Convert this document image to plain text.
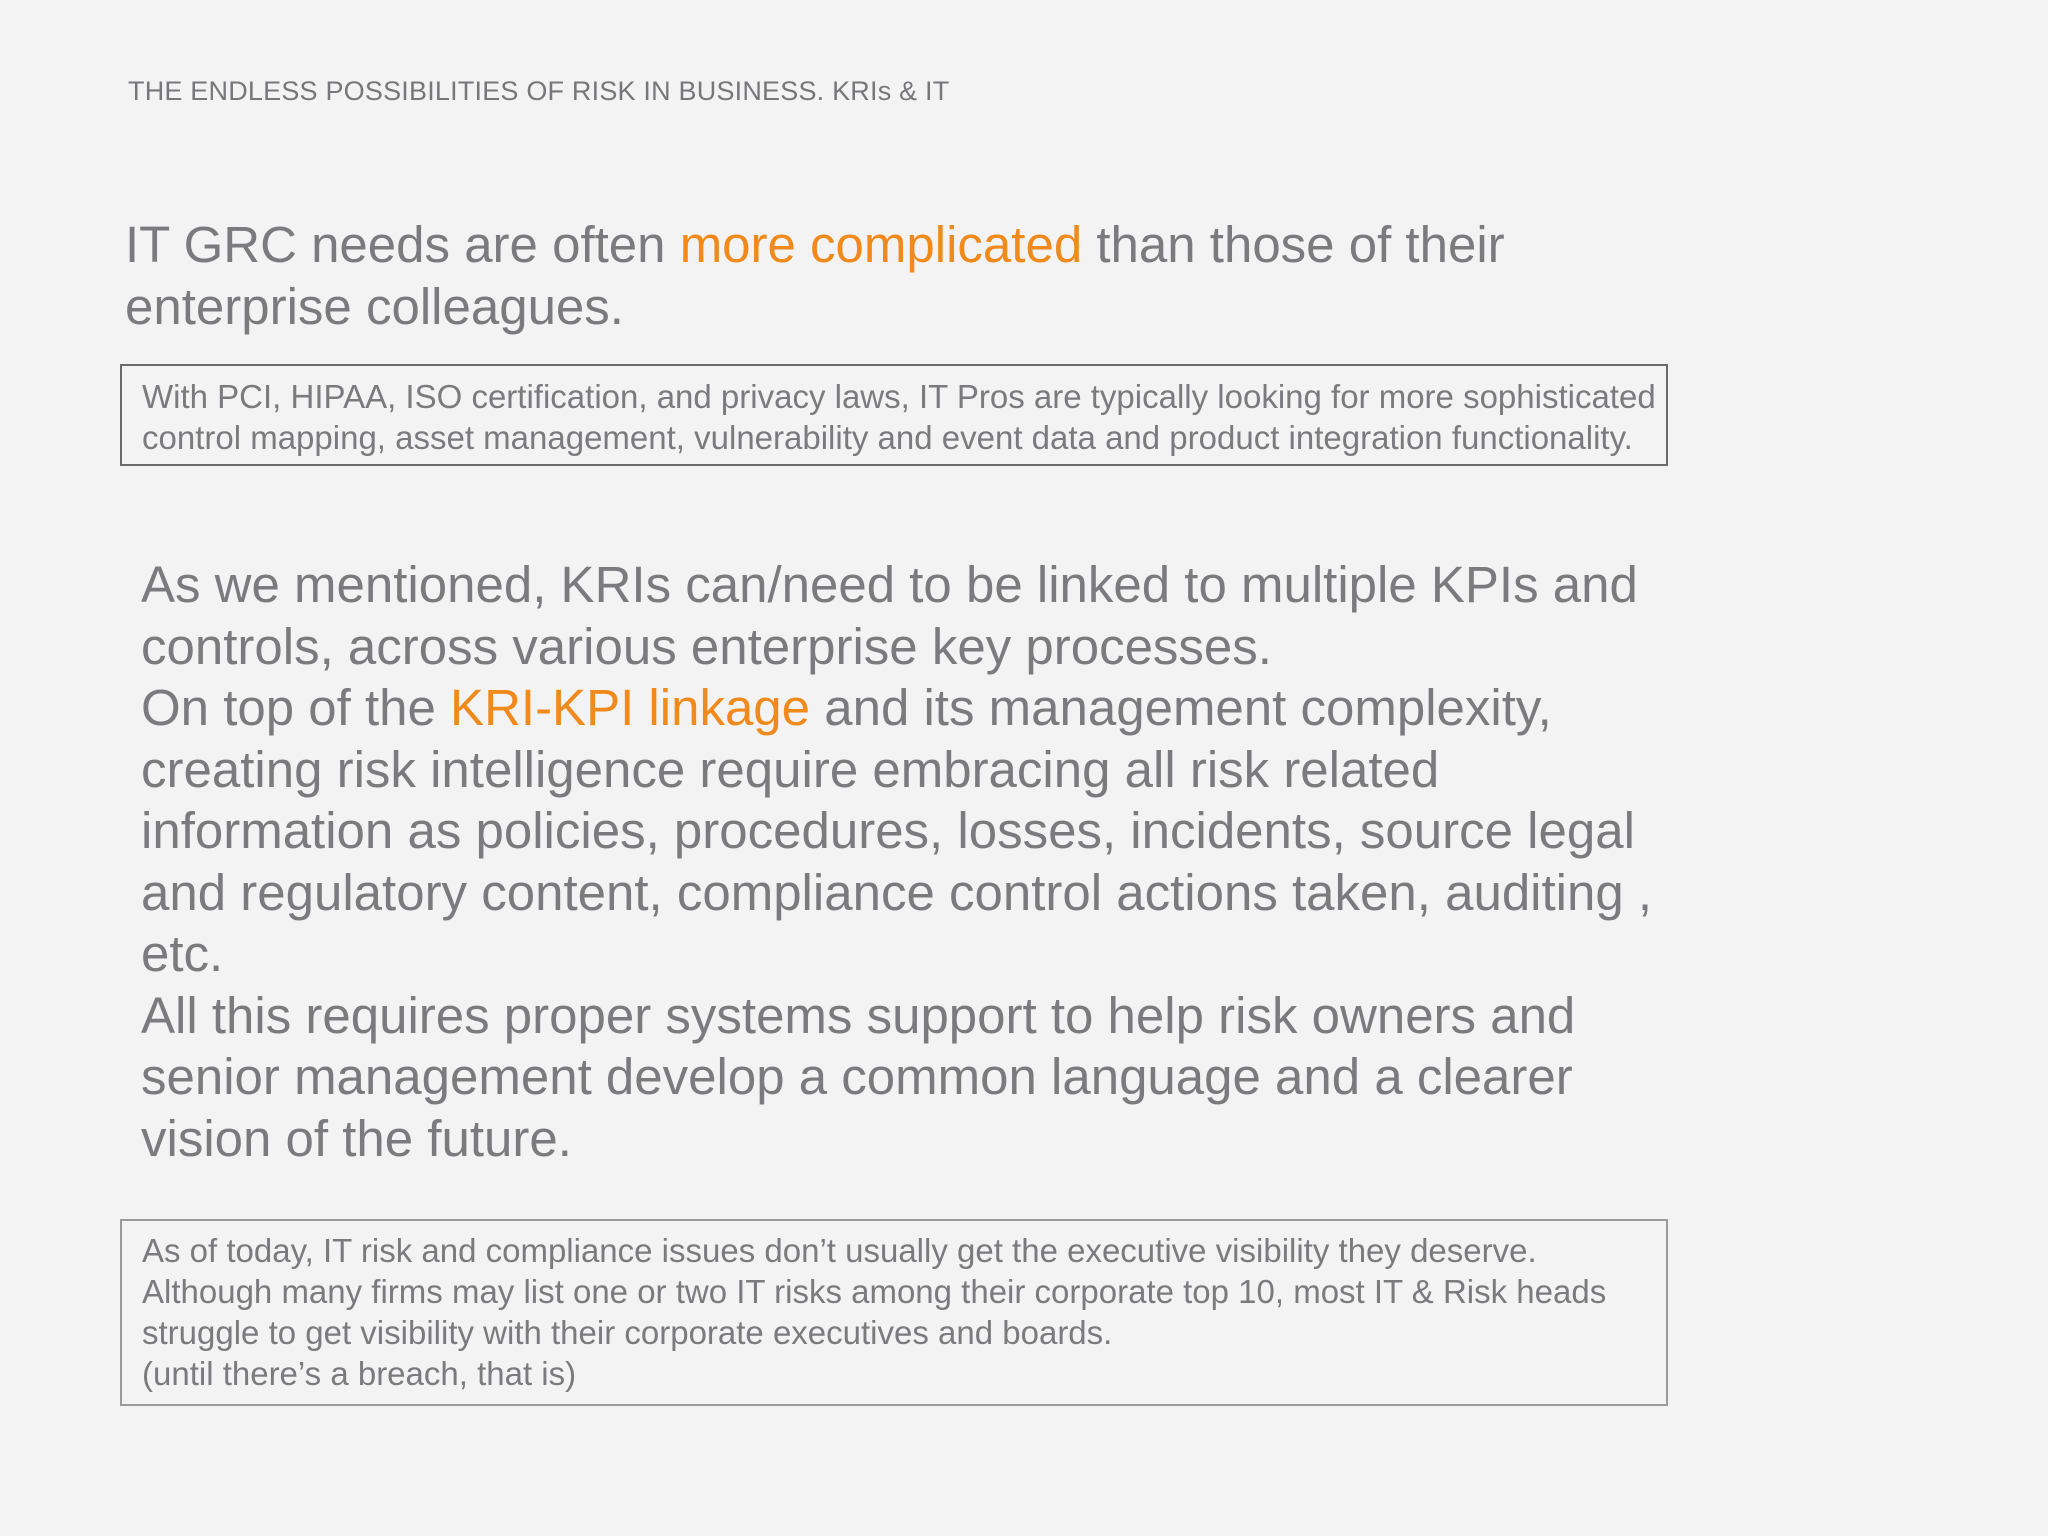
THE ENDLESS POSSIBILITIES OF RISK IN BUSINESS. KRIs & IT
IT GRC needs are often more complicated than those of their enterprise colleagues.

With PCI, HIPAA, ISO certification, and privacy laws, IT Pros are typically looking for more sophisticated control mapping, asset management, vulnerability and event data and product integration functionality.

As we mentioned, KRIs can/need to be linked to multiple KPIs and controls, across various enterprise key processes.

On top of the KRI-KPI linkage and its management complexity, creating risk intelligence require embracing all risk related information as policies, procedures, losses, incidents, source legal and regulatory content, compliance control actions taken, auditing , etc.

All this requires proper systems support to help risk owners and senior management develop a common language and a clearer vision of the future.

As of today, IT risk and compliance issues don’t usually get the executive visibility they deserve.
Although many firms may list one or two IT risks among their corporate top 10, most IT & Risk heads struggle to get visibility with their corporate executives and boards.
(until there’s a breach, that is)
